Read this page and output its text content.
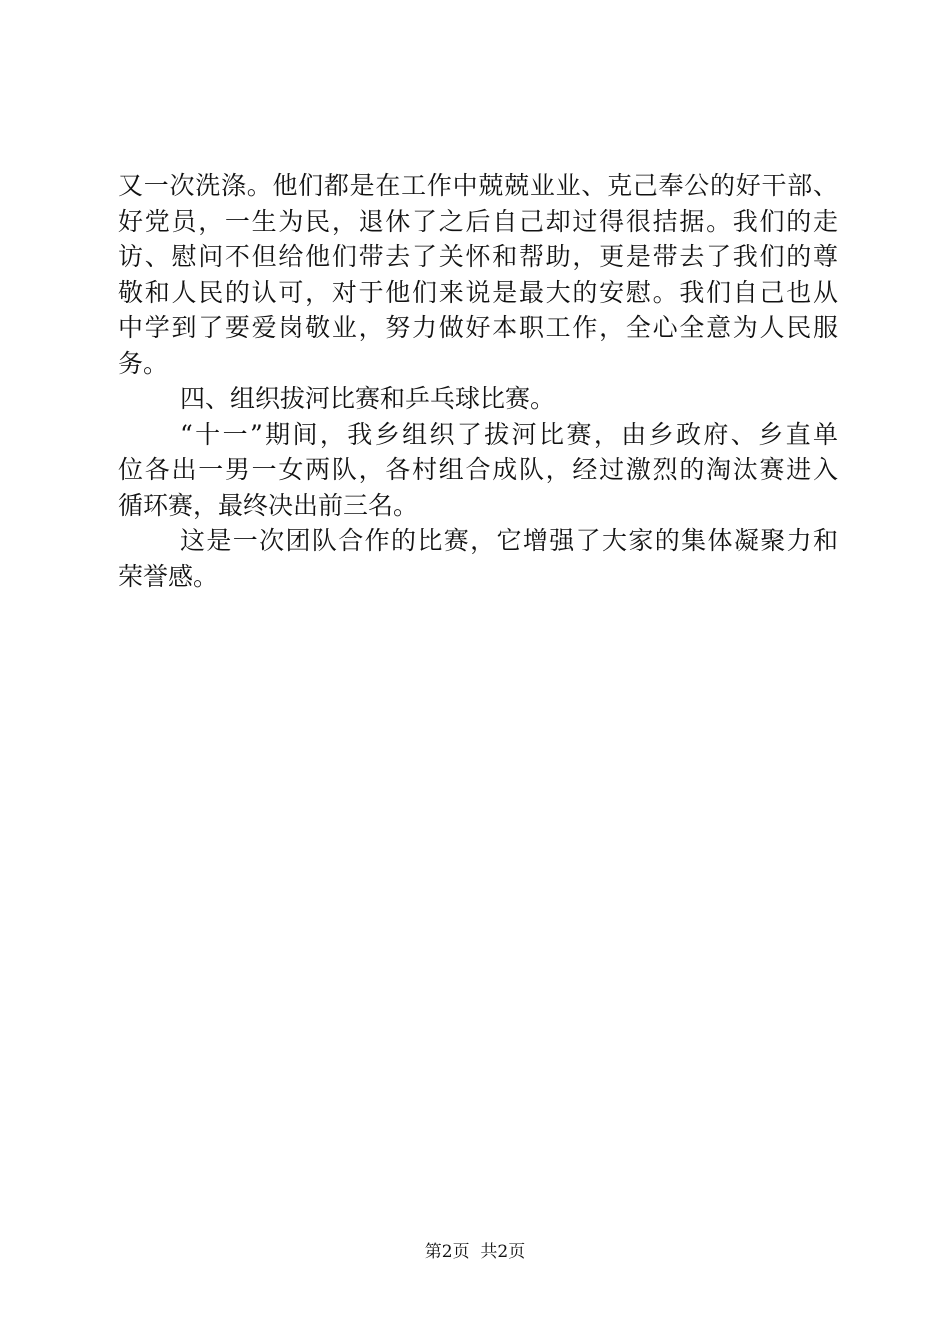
又一次洗涤。他们都是在工作中兢兢业业、克己奉公的好干部、
好党员，一生为民，退休了之后自己却过得很拮据。我们的走
访、慰问不但给他们带去了关怀和帮助，更是带去了我们的尊
敬和人民的认可，对于他们来说是最大的安慰。我们自己也从
中学到了要爱岗敬业，努力做好本职工作，全心全意为人民服
务。
四、组织拔河比赛和乒乓球比赛。
“十一”期间，我乡组织了拔河比赛，由乡政府、乡直单
位各出一男一女两队，各村组合成队，经过激烈的淘汰赛进入
循环赛，最终决出前三名。
这是一次团队合作的比赛，它增强了大家的集体凝聚力和
荣誉感。
第2页  共2页
